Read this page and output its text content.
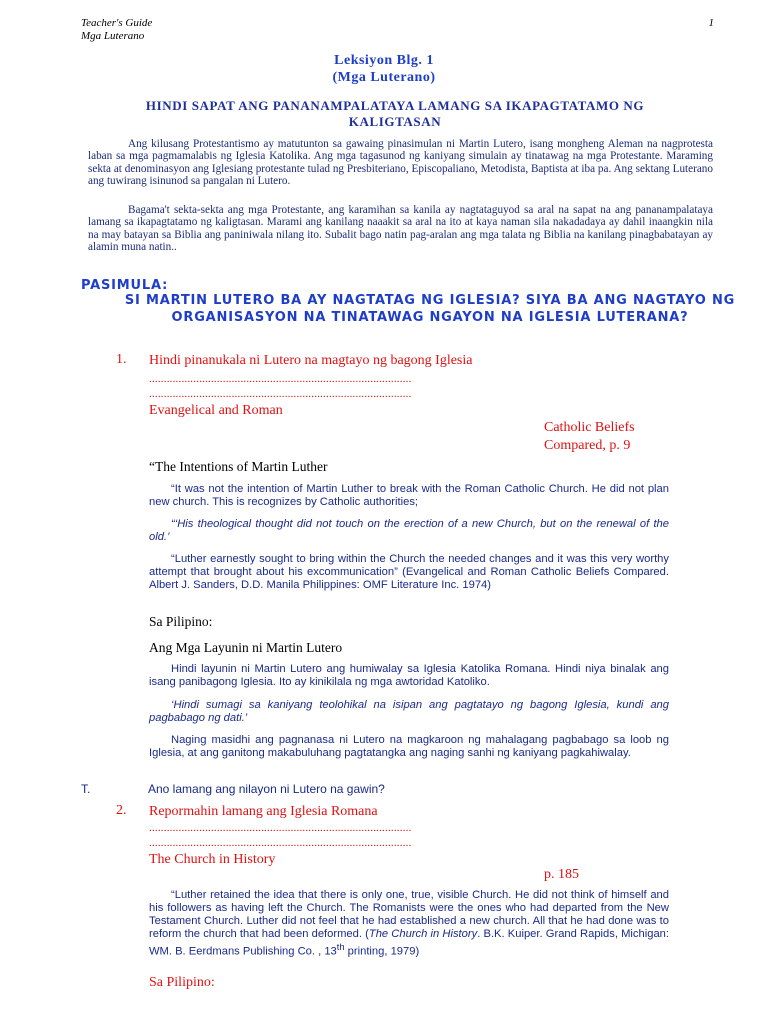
Teacher's Guide
Mga Luterano
1
Leksiyon Blg. 1
(Mga Luterano)
HINDI SAPAT ANG PANANAMPALATAYA LAMANG SA IKAPAGTATAMO NG KALIGTASAN

Ang kilusang Protestantismo ay matutunton sa gawaing pinasimulan ni Martin Lutero, isang mongheng Aleman na nagprotesta laban sa mga pagmamalabis ng Iglesia Katolika. Ang mga tagasunod ng kaniyang simulain ay tinatawag na mga Protestante. Maraming sekta at denominasyon ang Iglesiang protestante tulad ng Presbiteriano, Episcopaliano, Metodista, Baptista at iba pa. Ang sektang Luterano ang tuwirang isinunod sa pangalan ni Lutero.

Bagama't sekta-sekta ang mga Protestante, ang karamihan sa kanila ay nagtataguyod sa aral na sapat na ang pananampalataya lamang sa ikapagtatamo ng kaligtasan. Marami ang kanilang naaakit sa aral na ito at kaya naman sila nakadadaya ay dahil inaangkin nila na may batayan sa Biblia ang paniniwala nilang ito. Subalit bago natin pag-aralan ang mga talata ng Biblia na kanilang pinagbabatayan ay alamin muna natin..

PASIMULA:
SI MARTIN LUTERO BA AY NAGTATAG NG IGLESIA? SIYA BA ANG NAGTAYO NG ORGANISASYON NA TINATAWAG NGAYON NA IGLESIA LUTERANA?
1. Hindi pinanukala ni Lutero na magtayo ng bagong Iglesia
.........................................................................................
.........................................................................................
Evangelical and Roman
Catholic Beliefs
Compared, p. 9
“The Intentions of Martin Luther

“It was not the intention of Martin Luther to break with the Roman Catholic Church. He did not plan new church. This is recognizes by Catholic authorities;

“‘His theological thought did not touch on the erection of a new Church, but on the renewal of the old.’

“Luther earnestly sought to bring within the Church the needed changes and it was this very worthy attempt that brought about his excommunication” (Evangelical and Roman Catholic Beliefs Compared. Albert J. Sanders, D.D. Manila Philippines: OMF Literature Inc. 1974)

Sa Pilipino:
Ang Mga Layunin ni Martin Lutero

Hindi layunin ni Martin Lutero ang humiwalay sa Iglesia Katolika Romana. Hindi niya binalak ang isang panibagong Iglesia. Ito ay kinikilala ng mga awtoridad Katoliko.

‘Hindi sumagi sa kaniyang teolohikal na isipan ang pagtatayo ng bagong Iglesia, kundi ang pagbabago ng dati.’

Naging masidhi ang pagnanasa ni Lutero na magkaroon ng mahalagang pagbabago sa loob ng Iglesia, at ang ganitong makabuluhang pagtatangka ang naging sanhi ng kaniyang pagkahiwalay.

T.	Ano lamang ang nilayon ni Lutero na gawin?
2. Repormahin lamang ang Iglesia Romana
.........................................................................................
.........................................................................................
The Church in History
p. 185

“Luther retained the idea that there is only one, true, visible Church. He did not think of himself and his followers as having left the Church. The Romanists were the ones who had departed from the New Testament Church. Luther did not feel that he had established a new church. All that he had done was to reform the church that had been deformed. (The Church in History. B.K. Kuiper. Grand Rapids, Michigan: WM. B. Eerdmans Publishing Co. , 13th printing, 1979)

Sa Pilipino:
